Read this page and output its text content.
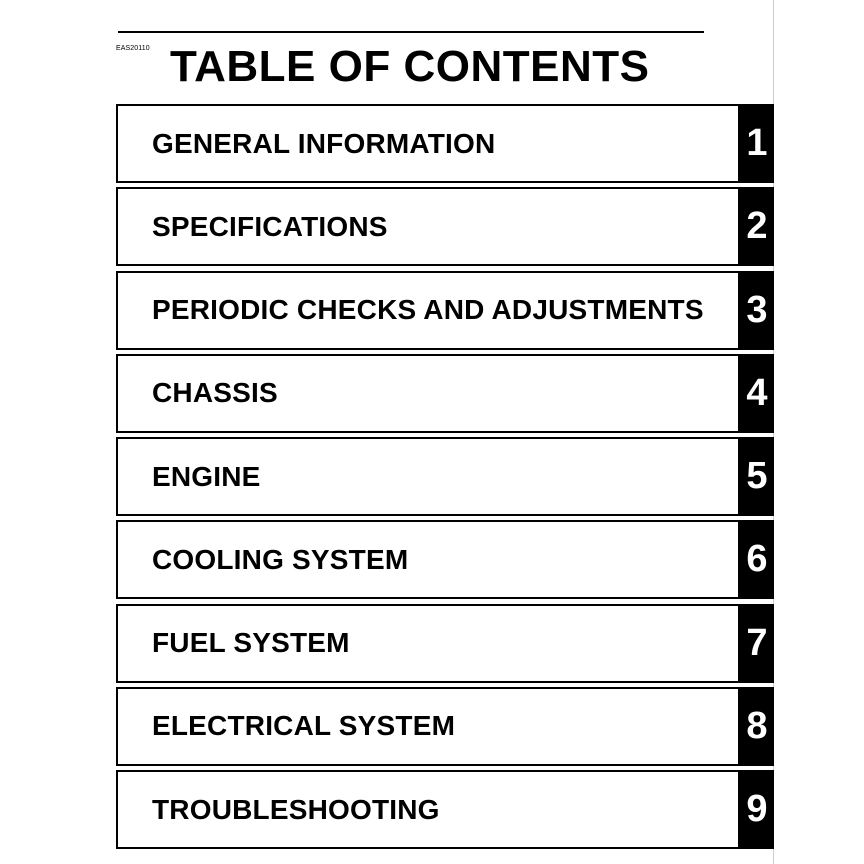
EAS20110 TABLE OF CONTENTS
GENERAL INFORMATION	1
SPECIFICATIONS	2
PERIODIC CHECKS AND ADJUSTMENTS 3
CHASSIS	4
ENGINE	5
COOLING SYSTEM	6
FUEL SYSTEM	7
ELECTRICAL SYSTEM	8
TROUBLESHOOTING	9
